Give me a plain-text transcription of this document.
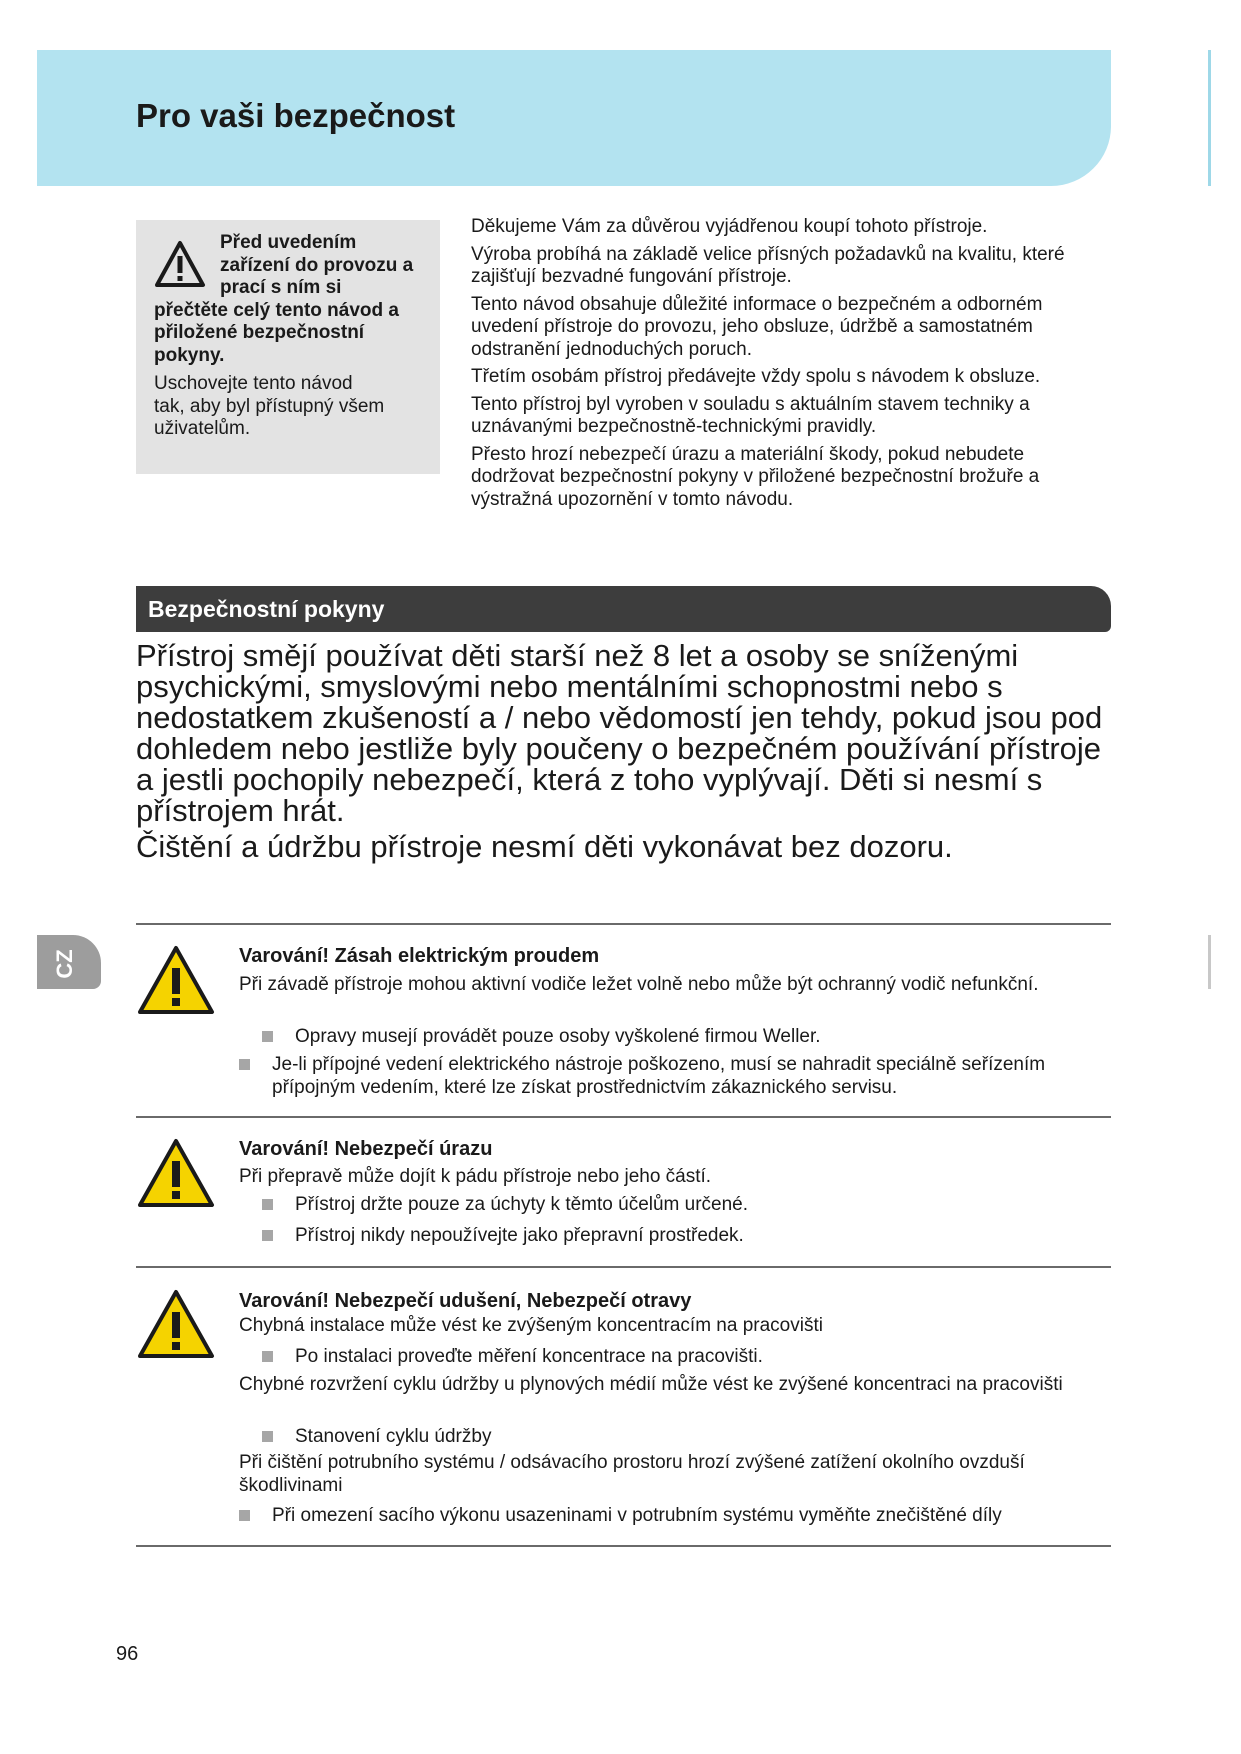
Pro vaši bezpečnost
Před uvedením
zařízení do provozu a
prací s ním si
přečtěte celý tento návod a
přiložené bezpečnostní
pokyny.
Uschovejte tento návod
tak, aby byl přístupný všem
uživatelům.

Děkujeme Vám za důvěrou vyjádřenou koupí tohoto přístroje.

Výroba probíhá na základě velice přísných požadavků na kvalitu, které zajišťují bezvadné fungování přístroje.

Tento návod obsahuje důležité informace o bezpečném a odborném uvedení přístroje do provozu, jeho obsluze, údržbě a samostatném odstranění jednoduchých poruch.

Třetím osobám přístroj předávejte vždy spolu s návodem k obsluze.

Tento přístroj byl vyroben v souladu s aktuálním stavem techniky a uznávanými bezpečnostně-technickými pravidly.

Přesto hrozí nebezpečí úrazu a materiální škody, pokud nebudete dodržovat bezpečnostní pokyny v přiložené bezpečnostní brožuře a výstražná upozornění v tomto návodu.

Bezpečnostní pokyny

Přístroj smějí používat děti starší než 8 let a osoby se sníženými psychickými, smyslovými nebo mentálními schopnostmi nebo s nedostatkem zkušeností a / nebo vědomostí jen tehdy, pokud jsou pod dohledem nebo jestliže byly poučeny o bezpečném používání přístroje a jestli pochopily nebezpečí, která z toho vyplývají. Děti si nesmí s přístrojem hrát.

Čištění a údržbu přístroje nesmí děti vykonávat bez dozoru.

CZ	Varování! Zásah elektrickým proudem
Při závadě přístroje mohou aktivní vodiče ležet volně nebo může být ochranný vodič nefunkční.
Opravy musejí provádět pouze osoby vyškolené firmou Weller.
Je-li přípojné vedení elektrického nástroje poškozeno, musí se nahradit speciálně seřízením přípojným vedením, které lze získat prostřednictvím zákaznického servisu.
Varování! Nebezpečí úrazu
Při přepravě může dojít k pádu přístroje nebo jeho částí.
Přístroj držte pouze za úchyty k těmto účelům určené.
Přístroj nikdy nepoužívejte jako přepravní prostředek.
Varování! Nebezpečí udušení, Nebezpečí otravy
Chybná instalace může vést ke zvýšeným koncentracím na pracovišti
Po instalaci proveďte měření koncentrace na pracovišti.
Chybné rozvržení cyklu údržby u plynových médií může vést ke zvýšené koncentraci na pracovišti
Stanovení cyklu údržby
Při čištění potrubního systému / odsávacího prostoru hrozí zvýšené zatížení okolního ovzduší škodlivinami
Při omezení sacího výkonu usazeninami v potrubním systému vyměňte znečištěné díly
96
